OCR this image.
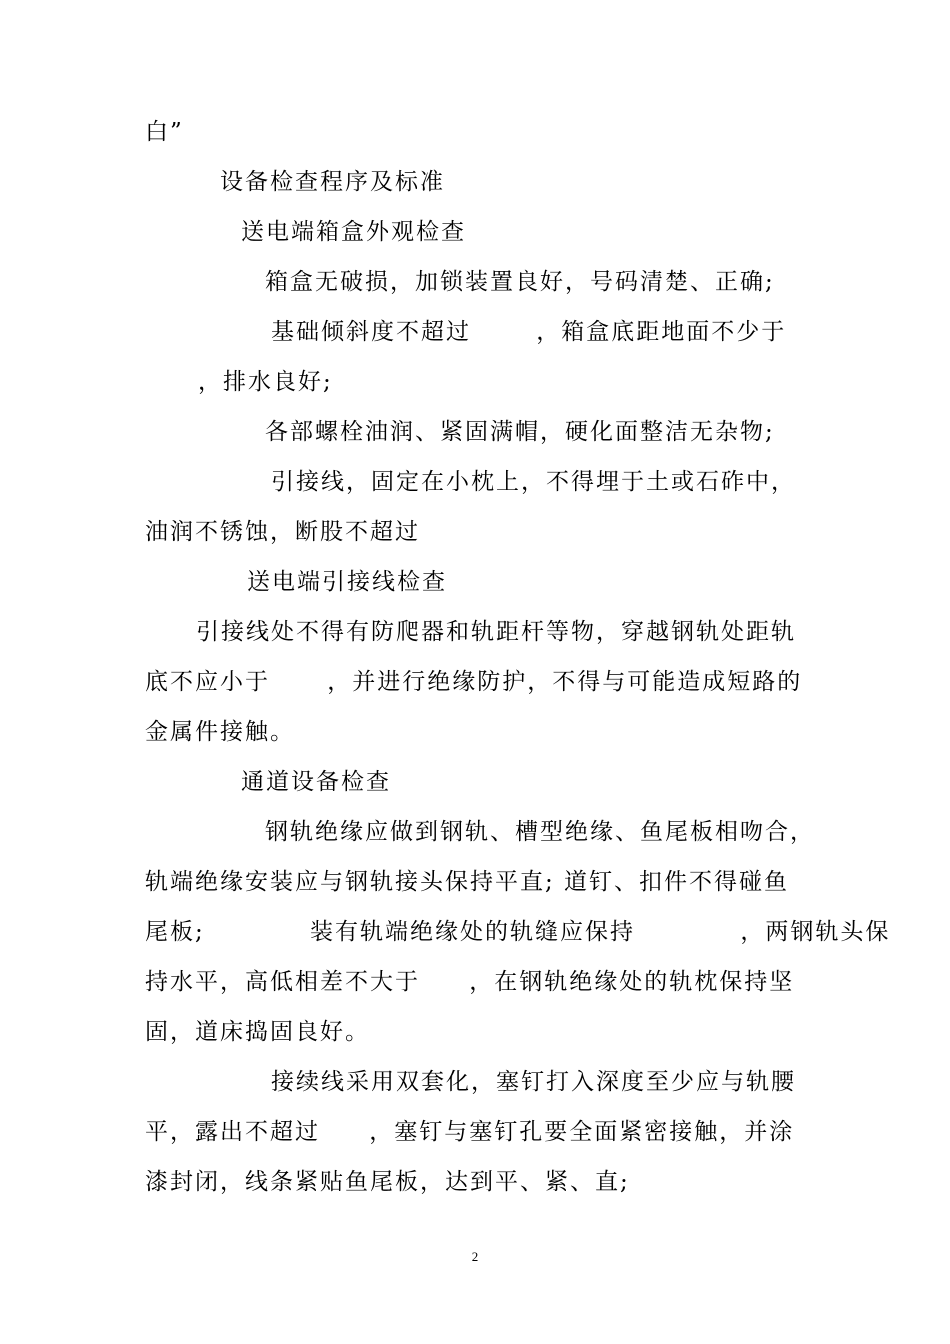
白”
设备检查程序及标准
送电端箱盒外观检查
箱盒无破损，加锁装置良好，号码清楚、正确;
基础倾斜度不超过 ，箱盒底距地面不少于
，排水良好;
各部螺栓油润、紧固满帽，硬化面整洁无杂物;
引接线，固定在小枕上，不得埋于土或石砟中，
油润不锈蚀，断股不超过
送电端引接线检查
引接线处不得有防爬器和轨距杆等物，穿越钢轨处距轨
底不应小于 ，并进行绝缘防护，不得与可能造成短路的
金属件接触。
通道设备检查
钢轨绝缘应做到钢轨、槽型绝缘、鱼尾板相吻合，
轨端绝缘安装应与钢轨接头保持平直; 道钉、扣件不得碰鱼
尾板; 装有轨端绝缘处的轨缝应保持 ，两钢轨头保
持水平，高低相差不大于 ，在钢轨绝缘处的轨枕保持坚
固，道床捣固良好。
接续线采用双套化，塞钉打入深度至少应与轨腰
平，露出不超过 ，塞钉与塞钉孔要全面紧密接触，并涂
漆封闭，线条紧贴鱼尾板，达到平、紧、直;
2
